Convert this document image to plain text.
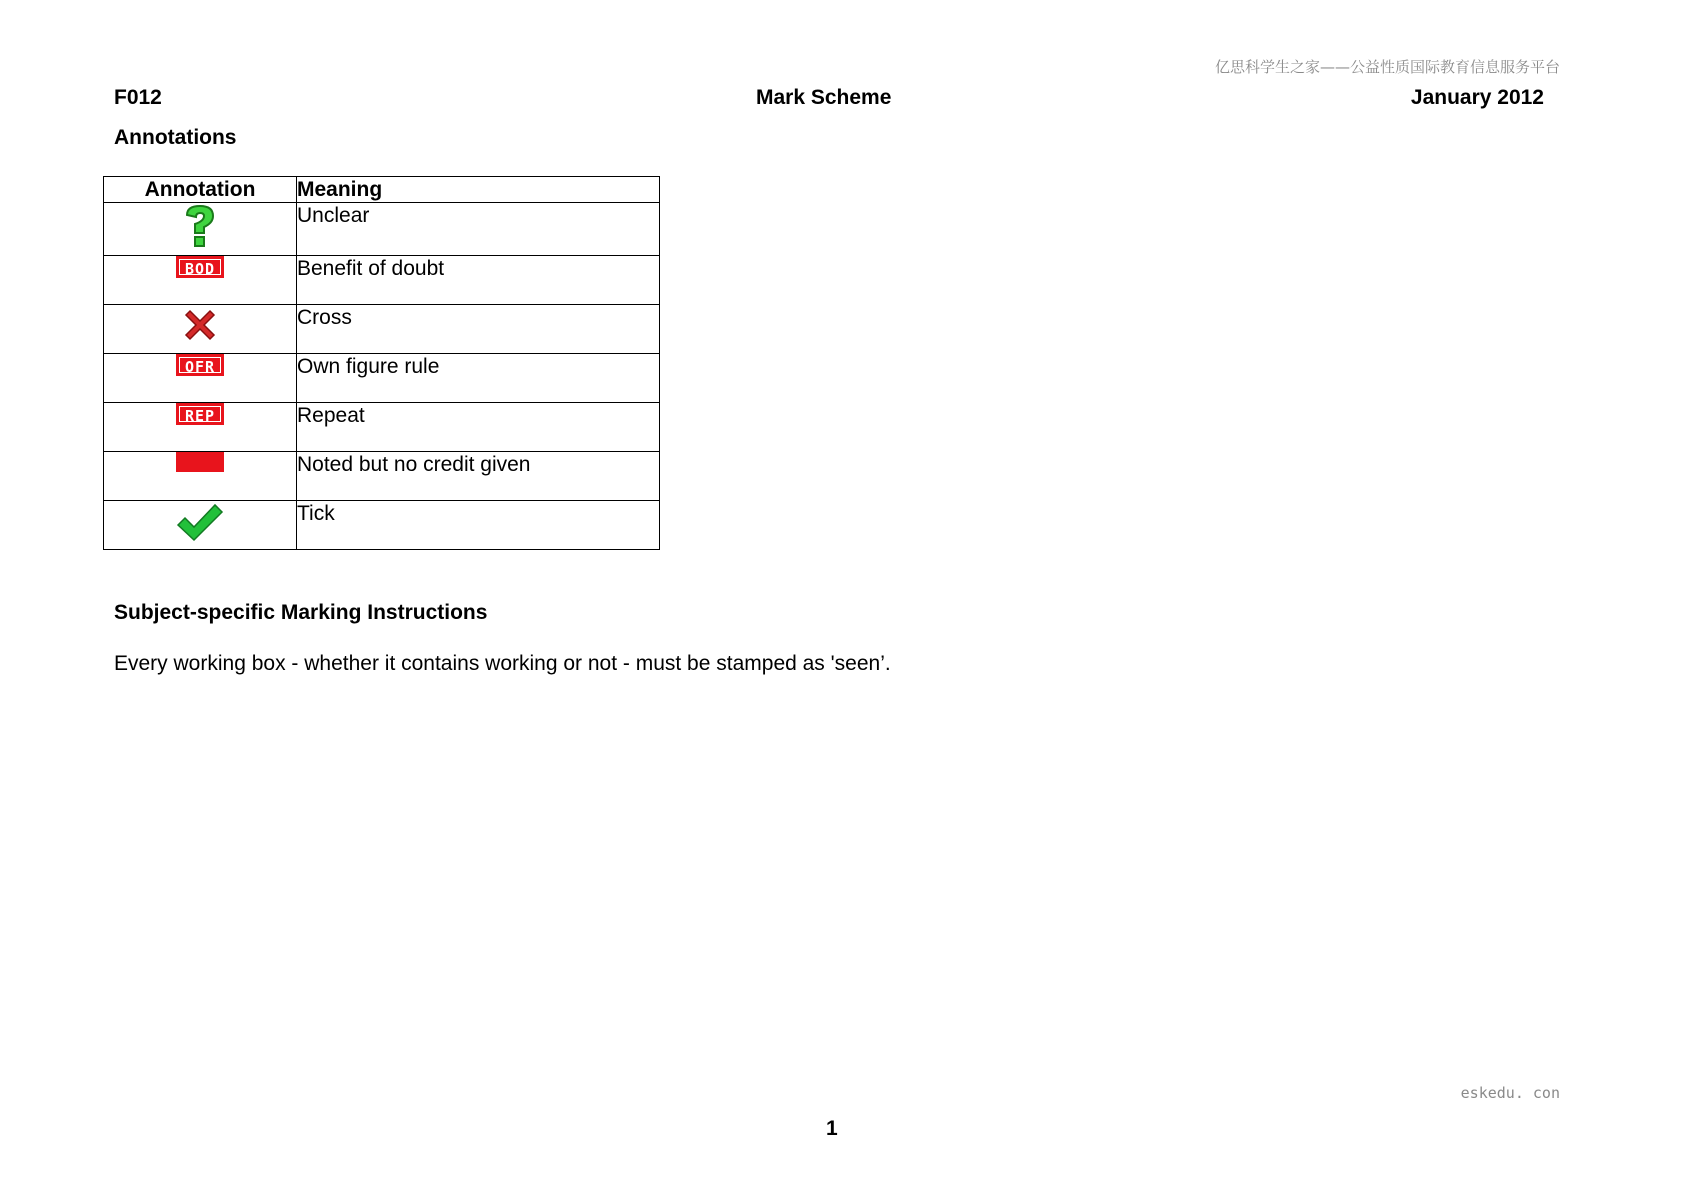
亿思科学生之家——公益性质国际教育信息服务平台
F012	Mark Scheme	January 2012
Annotations
Annotation	Meaning
	Unclear
BOD	Benefit of doubt
	Cross
OFR	Own figure rule
REP	Repeat
	Noted but no credit given
	Tick
Subject-specific Marking Instructions
Every working box - whether it contains working or not - must be stamped as 'seen’.
eskedu. con
1
